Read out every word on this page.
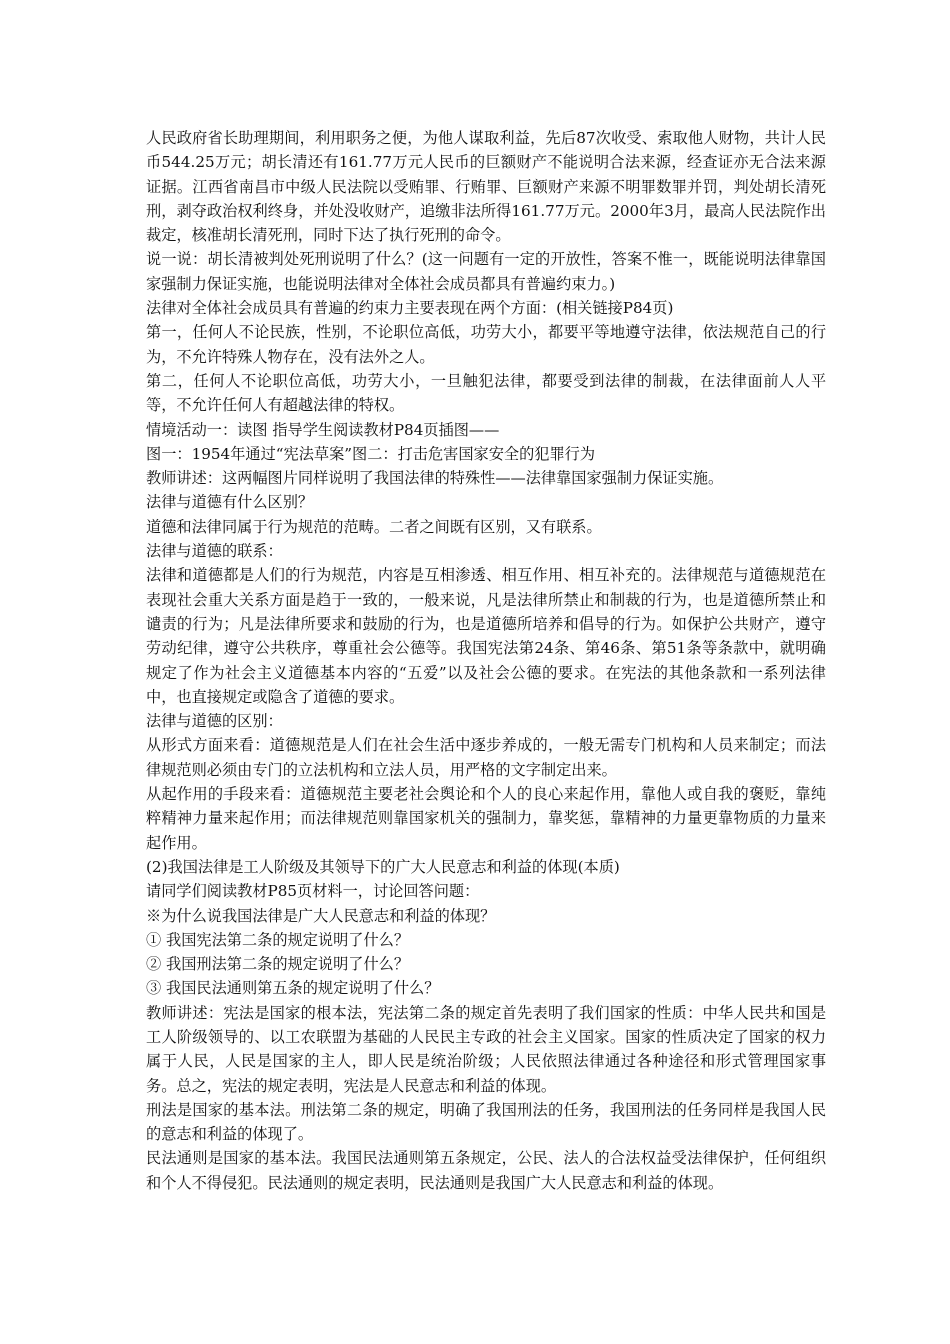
人民政府省长助理期间，利用职务之便，为他人谋取利益，先后87次收受、索取他人财物，共计人民币544.25万元；胡长清还有161.77万元人民币的巨额财产不能说明合法来源，经查证亦无合法来源证据。江西省南昌市中级人民法院以受贿罪、行贿罪、巨额财产来源不明罪数罪并罚，判处胡长清死刑，剥夺政治权利终身，并处没收财产，追缴非法所得161.77万元。2000年3月，最高人民法院作出裁定，核准胡长清死刑，同时下达了执行死刑的命令。

说一说：胡长清被判处死刑说明了什么？(这一问题有一定的开放性，答案不惟一，既能说明法律靠国家强制力保证实施，也能说明法律对全体社会成员都具有普遍约束力。)

法律对全体社会成员具有普遍的约束力主要表现在两个方面：(相关链接P84页)

第一，任何人不论民族，性别，不论职位高低，功劳大小，都要平等地遵守法律，依法规范自己的行为，不允许特殊人物存在，没有法外之人。

第二，任何人不论职位高低，功劳大小，一旦触犯法律，都要受到法律的制裁，在法律面前人人平等，不允许任何人有超越法律的特权。

情境活动一：读图 指导学生阅读教材P84页插图——

图一：1954年通过“宪法草案”图二：打击危害国家安全的犯罪行为

教师讲述：这两幅图片同样说明了我国法律的特殊性——法律靠国家强制力保证实施。

法律与道德有什么区别？

道德和法律同属于行为规范的范畴。二者之间既有区别，又有联系。

法律与道德的联系：

法律和道德都是人们的行为规范，内容是互相渗透、相互作用、相互补充的。法律规范与道德规范在表现社会重大关系方面是趋于一致的，一般来说，凡是法律所禁止和制裁的行为，也是道德所禁止和谴责的行为；凡是法律所要求和鼓励的行为，也是道德所培养和倡导的行为。如保护公共财产，遵守劳动纪律，遵守公共秩序，尊重社会公德等。我国宪法第24条、第46条、第51条等条款中，就明确规定了作为社会主义道德基本内容的“五爱”以及社会公德的要求。在宪法的其他条款和一系列法律中，也直接规定或隐含了道德的要求。

法律与道德的区别：

从形式方面来看：道德规范是人们在社会生活中逐步养成的，一般无需专门机构和人员来制定；而法律规范则必须由专门的立法机构和立法人员，用严格的文字制定出来。

从起作用的手段来看：道德规范主要老社会舆论和个人的良心来起作用，靠他人或自我的褒贬，靠纯粹精神力量来起作用；而法律规范则靠国家机关的强制力，靠奖惩，靠精神的力量更靠物质的力量来起作用。

(2)我国法律是工人阶级及其领导下的广大人民意志和利益的体现(本质)

请同学们阅读教材P85页材料一，讨论回答问题：

※为什么说我国法律是广大人民意志和利益的体现？

① 我国宪法第二条的规定说明了什么？

② 我国刑法第二条的规定说明了什么？

③ 我国民法通则第五条的规定说明了什么？

教师讲述：宪法是国家的根本法，宪法第二条的规定首先表明了我们国家的性质：中华人民共和国是工人阶级领导的、以工农联盟为基础的人民民主专政的社会主义国家。国家的性质决定了国家的权力属于人民，人民是国家的主人，即人民是统治阶级；人民依照法律通过各种途径和形式管理国家事务。总之，宪法的规定表明，宪法是人民意志和利益的体现。

刑法是国家的基本法。刑法第二条的规定，明确了我国刑法的任务，我国刑法的任务同样是我国人民的意志和利益的体现了。

民法通则是国家的基本法。我国民法通则第五条规定，公民、法人的合法权益受法律保护，任何组织和个人不得侵犯。民法通则的规定表明，民法通则是我国广大人民意志和利益的体现。
